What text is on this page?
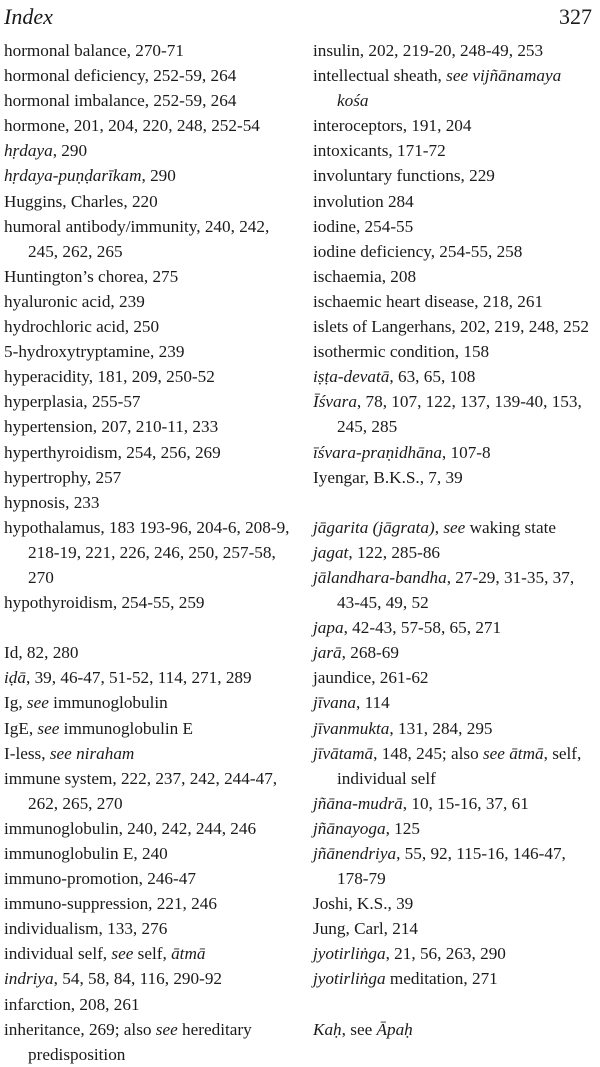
Index	327
hormonal balance, 270-71
hormonal deficiency, 252-59, 264
hormonal imbalance, 252-59, 264
hormone, 201, 204, 220, 248, 252-54
hṛdaya, 290
hṛdaya-puṇḍarīkam, 290
Huggins, Charles, 220
humoral antibody/immunity, 240, 242, 245, 262, 265
Huntington’s chorea, 275
hyaluronic acid, 239
hydrochloric acid, 250
5-hydroxytryptamine, 239
hyperacidity, 181, 209, 250-52
hyperplasia, 255-57
hypertension, 207, 210-11, 233
hyperthyroidism, 254, 256, 269
hypertrophy, 257
hypnosis, 233
hypothalamus, 183 193-96, 204-6, 208-9, 218-19, 221, 226, 246, 250, 257-58, 270
hypothyroidism, 254-55, 259
Id, 82, 280
iḍā, 39, 46-47, 51-52, 114, 271, 289
Ig, see immunoglobulin
IgE, see immunoglobulin E
I-less, see niraham
immune system, 222, 237, 242, 244-47, 262, 265, 270
immunoglobulin, 240, 242, 244, 246
immunoglobulin E, 240
immuno-promotion, 246-47
immuno-suppression, 221, 246
individualism, 133, 276
individual self, see self, ātmā
indriya, 54, 58, 84, 116, 290-92
infarction, 208, 261
inheritance, 269; also see hereditary predisposition
insulin, 202, 219-20, 248-49, 253
intellectual sheath, see vijñānamaya kośa
interoceptors, 191, 204
intoxicants, 171-72
involuntary functions, 229
involution 284
iodine, 254-55
iodine deficiency, 254-55, 258
ischaemia, 208
ischaemic heart disease, 218, 261
islets of Langerhans, 202, 219, 248, 252
isothermic condition, 158
iṣṭa-devatā, 63, 65, 108
Īśvara, 78, 107, 122, 137, 139-40, 153, 245, 285
īśvara-praṇidhāna, 107-8
Iyengar, B.K.S., 7, 39
jāgarita (jāgrata), see waking state
jagat, 122, 285-86
jālandhara-bandha, 27-29, 31-35, 37, 43-45, 49, 52
japa, 42-43, 57-58, 65, 271
jarā, 268-69
jaundice, 261-62
jīvana, 114
jīvanmukta, 131, 284, 295
jīvātamā, 148, 245; also see ātmā, self, individual self
jñāna-mudrā, 10, 15-16, 37, 61
jñānayoga, 125
jñānendriya, 55, 92, 115-16, 146-47, 178-79
Joshi, K.S., 39
Jung, Carl, 214
jyotirliṅga, 21, 56, 263, 290
jyotirliṅga meditation, 271
Kaḥ, see Āpaḥ
